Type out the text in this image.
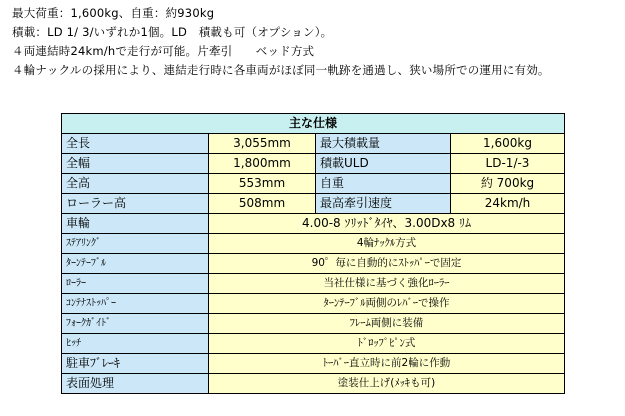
最大荷重：1,600kg、自重：約930kg

積載：LD 1/ 3/いずれか1個。LD　積載も可（オプション）。

４両連結時24km/hで走行が可能。片牽引　　ベッド方式

４輪ナックルの採用により、連結走行時に各車両がほぼ同一軌跡を通過し、狭い場所での運用に有効。

主な仕様			
全長	3,055mm	最大積載量	1,600kg
全幅	1,800mm	積載ULD	LD-1/-3
全高	553mm	自重	約 700kg
ローラー高	508mm	最高牽引速度	24km/h
車輪	4.00-8 ｿﾘｯﾄﾞﾀｲﾔ、3.00Dx8 ﾘﾑ		
ｽﾃｱﾘﾝｸﾞ	4輪ﾅｯｸﾙ方式		
ﾀｰﾝﾃｰﾌﾞﾙ	90゜毎に自動的にｽﾄｯﾊﾟｰで固定		
ﾛｰﾗｰ	当社仕様に基づく強化ﾛｰﾗｰ		
ｺﾝﾃﾅｽﾄｯﾊﾟｰ	ﾀｰﾝﾃｰﾌﾞﾙ両側のﾚﾊﾞｰで操作		
ﾌｫｰｸｶﾞｲﾄﾞ	ﾌﾚｰﾑ両側に装備		
ﾋｯﾁ	ﾄﾞﾛｯﾌﾟﾋﾟﾝ式		
駐車ﾌﾞﾚｰｷ	ﾄｰﾊﾞｰ直立時に前2輪に作動		
表面処理	塗装仕上げ(ﾒｯｷも可)		
